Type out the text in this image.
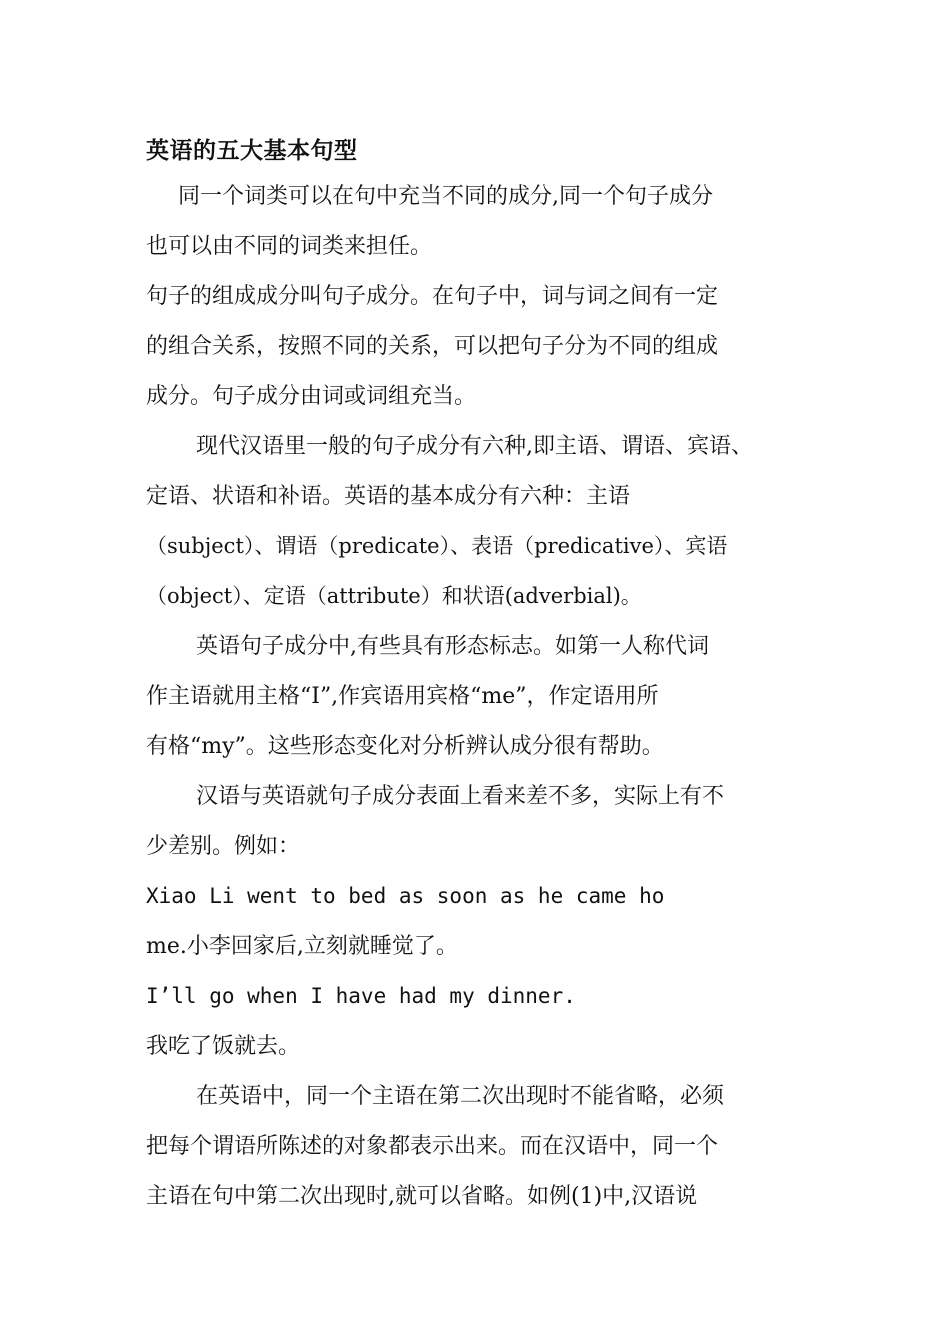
英语的五大基本句型
同一个词类可以在句中充当不同的成分,同一个句子成分
也可以由不同的词类来担任。
句子的组成成分叫句子成分。在句子中，词与词之间有一定
的组合关系，按照不同的关系，可以把句子分为不同的组成
成分。句子成分由词或词组充当。
现代汉语里一般的句子成分有六种,即主语、谓语、宾语、
定语、状语和补语。英语的基本成分有六种：主语
（subject）、谓语（predicate）、表语（predicative）、宾语
（object）、定语（attribute）和状语(adverbial)。
英语句子成分中,有些具有形态标志。如第一人称代词
作主语就用主格“I”,作宾语用宾格“me”，作定语用所
有格“my”。这些形态变化对分析辨认成分很有帮助。
汉语与英语就句子成分表面上看来差不多，实际上有不
少差别。例如：
Xiao Li went to bed as soon as he came ho
me.小李回家后,立刻就睡觉了。
I’ll go when I have had my dinner.
我吃了饭就去。
在英语中，同一个主语在第二次出现时不能省略，必须
把每个谓语所陈述的对象都表示出来。而在汉语中，同一个
主语在句中第二次出现时,就可以省略。如例(1)中,汉语说
